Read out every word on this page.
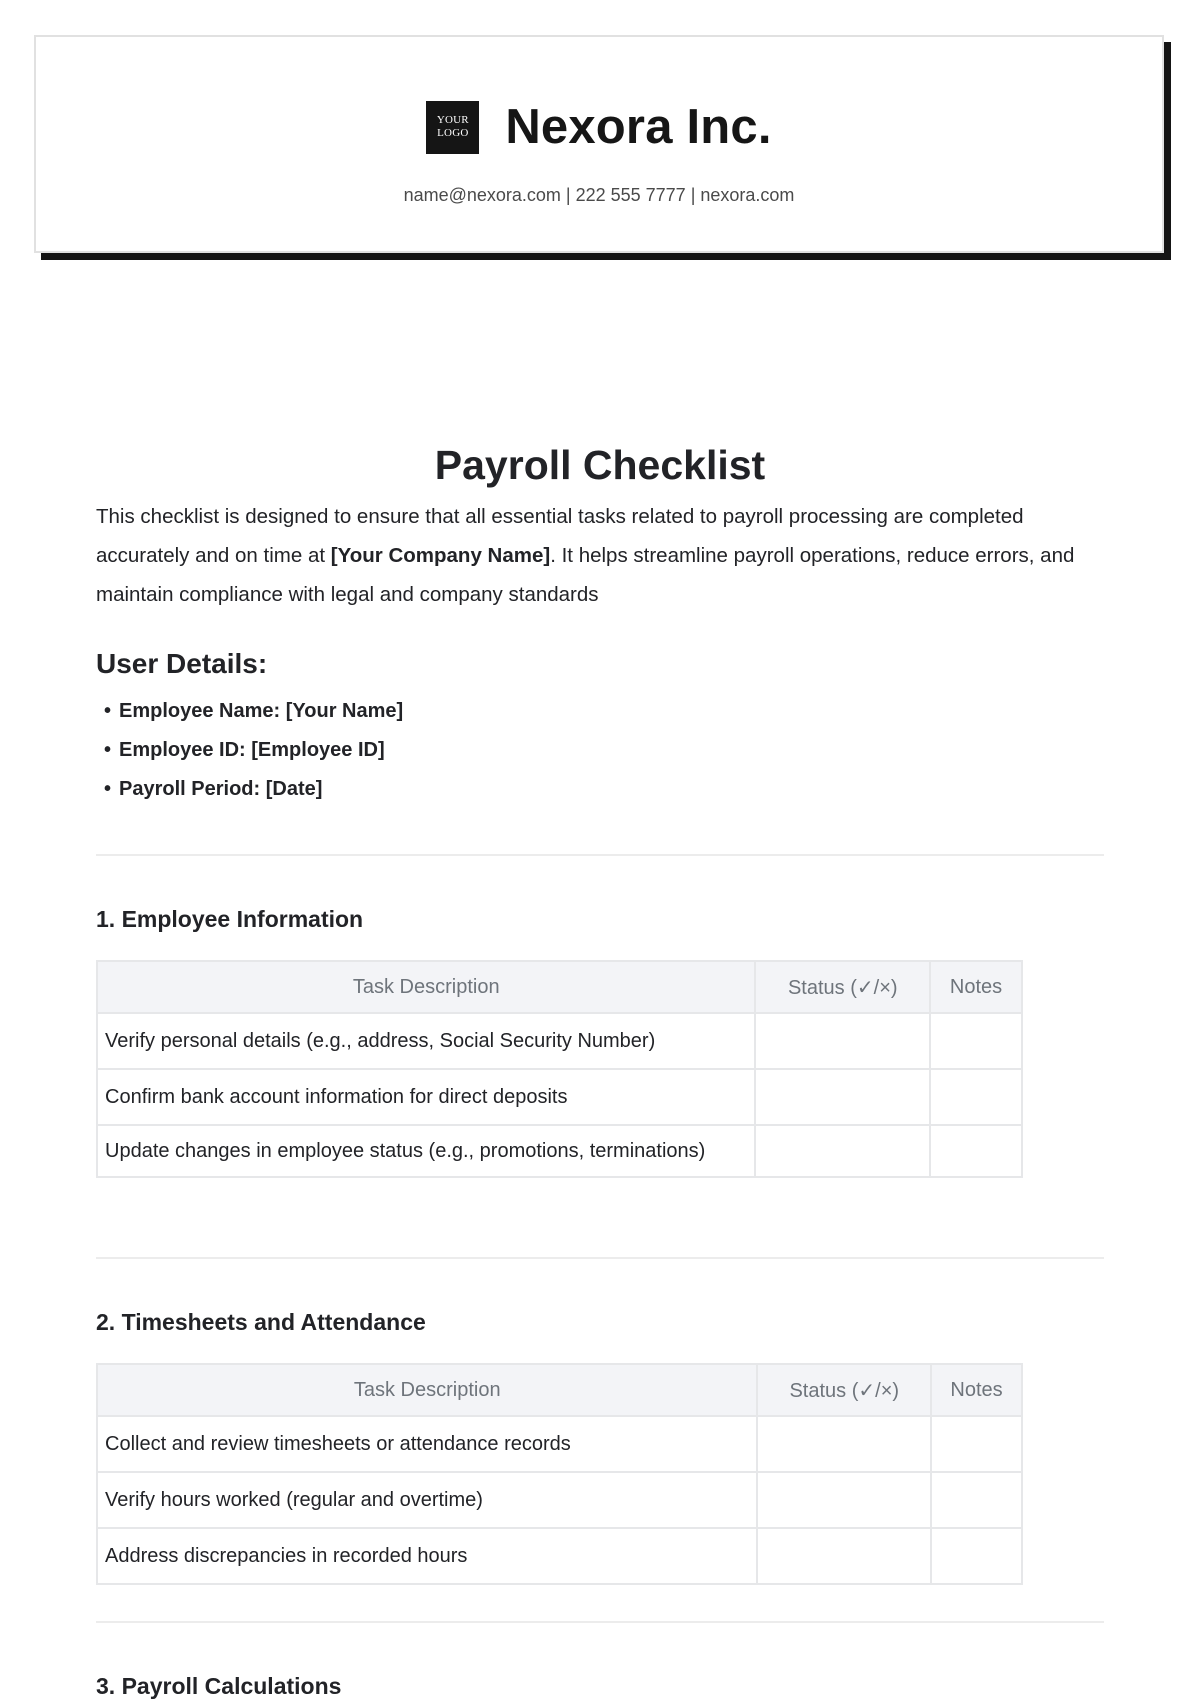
YOUR
LOGO Nexora Inc.
name@nexora.com | 222 555 7777 | nexora.com
Payroll Checklist

This checklist is designed to ensure that all essential tasks related to payroll processing are completed accurately and on time at [Your Company Name]. It helps streamline payroll operations, reduce errors, and maintain compliance with legal and company standards

User Details:
• Employee Name: [Your Name]
• Employee ID: [Employee ID]
• Payroll Period: [Date]
1. Employee Information
Task Description	Status (✓/×)	Notes
Verify personal details (e.g., address, Social Security Number)		
Confirm bank account information for direct deposits		
Update changes in employee status (e.g., promotions, terminations)		
2. Timesheets and Attendance
Task Description	Status (✓/×)	Notes
Collect and review timesheets or attendance records		
Verify hours worked (regular and overtime)		
Address discrepancies in recorded hours		
3. Payroll Calculations
